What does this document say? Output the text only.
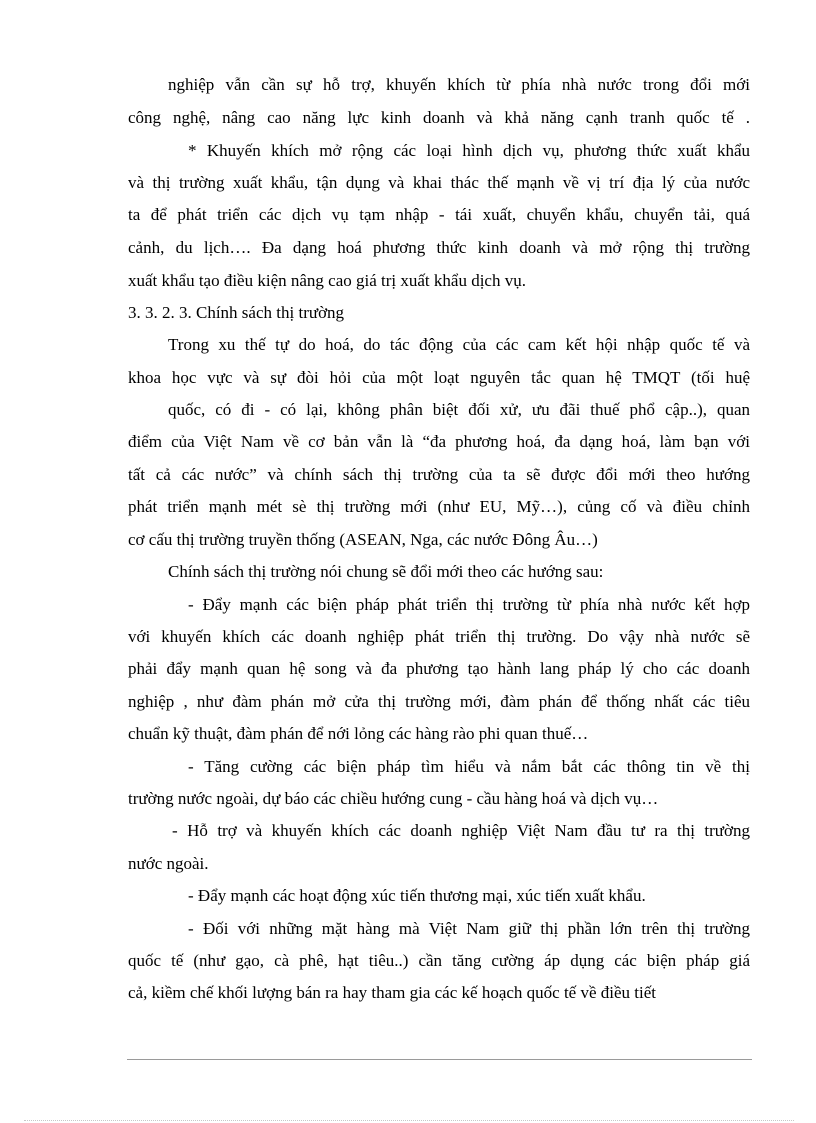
nghiệp vẫn cần sự hỗ trợ, khuyến khích từ phía nhà nước trong đổi mới
công nghệ, nâng cao năng lực kinh doanh và khả năng cạnh tranh quốc tế .
* Khuyến khích mở rộng các loại hình dịch vụ, phương thức xuất khẩu
và thị trường xuất khẩu, tận dụng và khai thác thế mạnh về vị trí địa lý của nước
ta để phát triển các dịch vụ tạm nhập - tái xuất, chuyển khẩu, chuyển tải, quá
cảnh, du lịch…. Đa dạng hoá phương thức kinh doanh và mở rộng thị trường
xuất khẩu tạo điều kiện nâng cao giá trị xuất khẩu dịch vụ.
3. 3. 2. 3. Chính sách thị trường
Trong xu thế tự do hoá, do tác động của các cam kết hội nhập quốc tế và
khoa học vực và sự đòi hỏi của một loạt nguyên tắc quan hệ TMQT (tối huệ
quốc, có đi - có lại, không phân biệt đối xử, ưu đãi thuế phổ cập..), quan
điểm của Việt Nam về cơ bản vẫn là “đa phương hoá, đa dạng hoá, làm bạn với
tất cả các nước” và chính sách thị trường của ta sẽ được đổi mới theo hướng
phát triển mạnh mét sè thị trường mới (như EU, Mỹ…), củng cố và điều chỉnh
cơ cấu thị trường truyền thống (ASEAN, Nga, các nước Đông Âu…)
Chính sách thị trường nói chung sẽ đổi mới theo các hướng sau:
- Đẩy mạnh các biện pháp phát triển thị trường từ phía nhà nước kết hợp
với khuyến khích các doanh nghiệp phát triển thị trường. Do vậy nhà nước sẽ
phải đẩy mạnh quan hệ song và đa phương tạo hành lang pháp lý cho các doanh
nghiệp , như đàm phán mở cửa thị trường mới, đàm phán để thống nhất các tiêu
chuẩn kỹ thuật, đàm phán để nới lỏng các hàng rào phi quan thuế…
- Tăng cường các biện pháp tìm hiểu và nắm bắt các thông tin về thị
trường nước ngoài, dự báo các chiều hướng cung - cầu hàng hoá và dịch vụ…
- Hỗ trợ và khuyến khích các doanh nghiệp Việt Nam đầu tư ra thị trường
nước ngoài.
- Đẩy mạnh các hoạt động xúc tiến thương mại, xúc tiến xuất khẩu.
- Đối với những mặt hàng mà Việt Nam giữ thị phần lớn trên thị trường
quốc tế (như gạo, cà phê, hạt tiêu..) cần tăng cường áp dụng các biện pháp giá
cả, kiềm chế khối lượng bán ra hay tham gia các kế hoạch quốc tế về điều tiết
